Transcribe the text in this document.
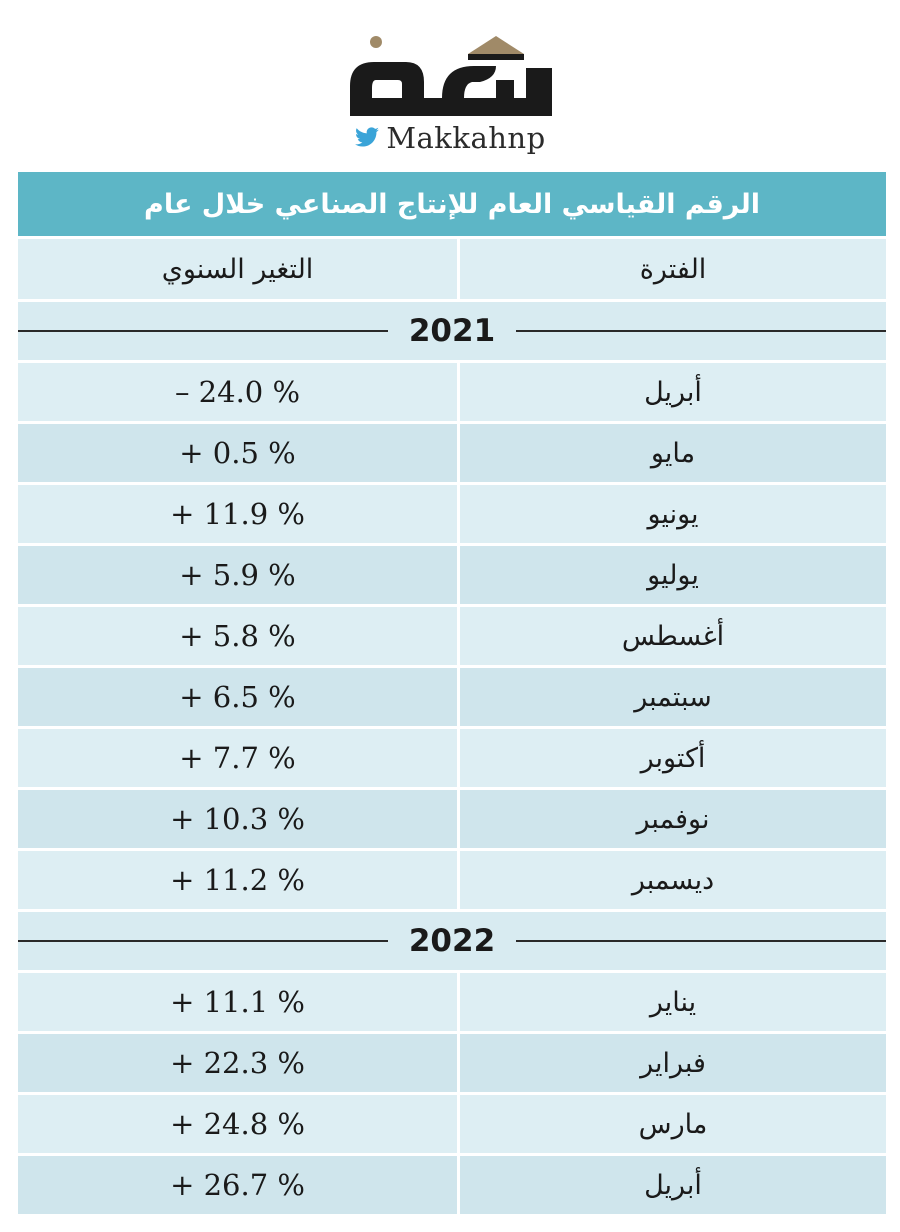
Makkahnp
الرقم القياسي العام للإنتاج الصناعي خلال عام
الفترة
التغير السنوي
2021
أبريل
– 24.0 %
مايو
+ 0.5 %
يونيو
+ 11.9 %
يوليو
+ 5.9 %
أغسطس
+ 5.8 %
سبتمبر
+ 6.5 %
أكتوبر
+ 7.7 %
نوفمبر
+ 10.3 %
ديسمبر
+ 11.2 %
2022
يناير
+ 11.1 %
فبراير
+ 22.3 %
مارس
+ 24.8 %
أبريل
+ 26.7 %
